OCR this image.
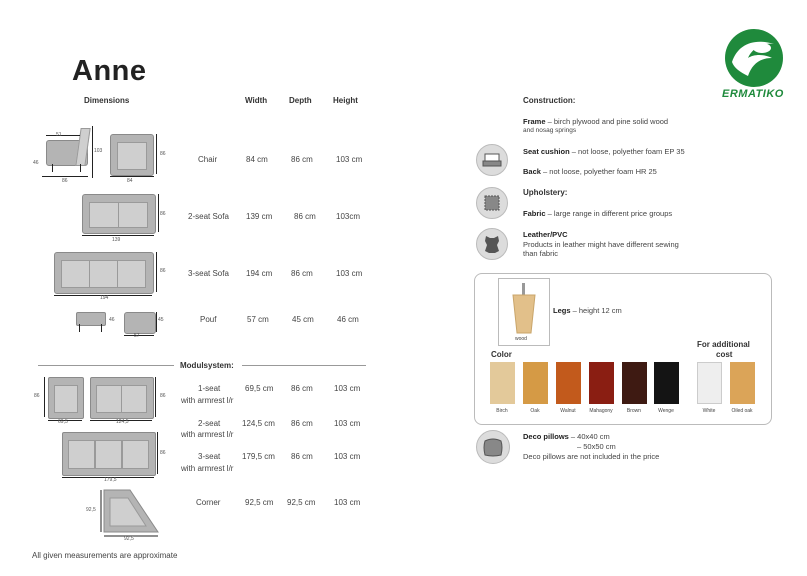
Anne
Dimensions	Width	Depth	Height
51
46
86
103	86
84
Chair	84 cm	86 cm	103 cm
86
139
2-seat Sofa 139 cm	86 cm	103cm
86
194
3-seat Sofa 194 cm 86 cm	103 cm
46	45
57
Pouf	57 cm	45 cm	46 cm
Modulsystem:
86
69,5
86
124,5
1-seat
with armrest l/r
69,5 cm 86 cm	103 cm
2-seat
with armrest l/r
124,5 cm 86 cm	103 cm
86
179,5
3-seat
with armrest l/r
179,5 cm 86 cm	103 cm
92,5
92,5
Corner	92,5 cm 92,5 cm 103 cm
All given measurements are approximate
ERMATIKO
Construction:
Frame – birch plywood and pine solid wood
and nosag springs
Seat cushion – not loose, polyether foam EP 35
Back – not loose, polyether foam HR 25
Upholstery:
Fabric – large range in different price groups
Leather/PVC
Products in leather might have different sewing
than fabric
wood
Legs – height 12 cm
Color
For additional
cost
Birch	Oak	Walnut	Mahagony	Brown	Wenge	White	Oiled oak
Deco pillows – 40x40 cm
– 50x50 cm
Deco pillows are not included in the price
